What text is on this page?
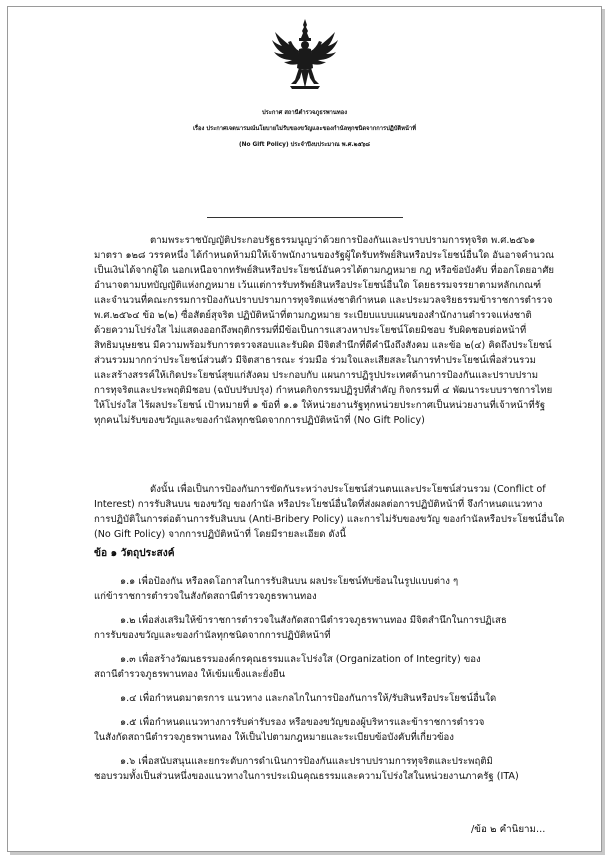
ประกาศ สถานีตำรวจภูธรพานทอง
เรื่อง ประกาศเจตนารมณ์นโยบายไม่รับของขวัญและของกำนัลทุกชนิดจากการปฏิบัติหน้าที่
(No Gift Policy) ประจำปีงบประมาณ พ.ศ.๒๕๖๘
ตามพระราชบัญญัติประกอบรัฐธรรมนูญว่าด้วยการป้องกันและปราบปรามการทุจริต พ.ศ.๒๕๖๑
มาตรา ๑๒๘ วรรคหนึ่ง ได้กำหนดห้ามมิให้เจ้าพนักงานของรัฐผู้ใดรับทรัพย์สินหรือประโยชน์อื่นใด อันอาจคำนวณ
เป็นเงินได้จากผู้ใด นอกเหนือจากทรัพย์สินหรือประโยชน์อันควรได้ตามกฎหมาย กฎ หรือข้อบังคับ ที่ออกโดยอาศัย
อำนาจตามบทบัญญัติแห่งกฎหมาย เว้นแต่การรับทรัพย์สินหรือประโยชน์อื่นใด โดยธรรมจรรยาตามหลักเกณฑ์
และจำนวนที่คณะกรรมการป้องกันปราบปรามการทุจริตแห่งชาติกำหนด และประมวลจริยธรรมข้าราชการตำรวจ
พ.ศ.๒๕๖๔ ข้อ ๒(๒) ซื่อสัตย์สุจริต ปฏิบัติหน้าที่ตามกฎหมาย ระเบียบแบบแผนของสำนักงานตำรวจแห่งชาติ
ด้วยความโปร่งใส ไม่แสดงออกถึงพฤติกรรมที่มีข้อเป็นการแสวงหาประโยชน์โดยมิชอบ รับผิดชอบต่อหน้าที่
สิทธิมนุษยชน มีความพร้อมรับการตรวจสอบและรับผิด มีจิตสำนึกที่ดีคำนึงถึงสังคม และข้อ ๒(๔) คิดถึงประโยชน์
ส่วนรวมมากกว่าประโยชน์ส่วนตัว มีจิตสาธารณะ ร่วมมือ ร่วมใจและเสียสละในการทำประโยชน์เพื่อส่วนรวม
และสร้างสรรค์ให้เกิดประโยชน์สุขแก่สังคม ประกอบกับ แผนการปฏิรูปประเทศด้านการป้องกันและปราบปราม
การทุจริตและประพฤติมิชอบ (ฉบับปรับปรุง) กำหนดกิจกรรมปฏิรูปที่สำคัญ กิจกรรมที่ ๔ พัฒนาระบบราชการไทย
ให้โปร่งใส ไร้ผลประโยชน์ เป้าหมายที่ ๑ ข้อที่ ๑.๑ ให้หน่วยงานรัฐทุกหน่วยประกาศเป็นหน่วยงานที่เจ้าหน้าที่รัฐ
ทุกคนไม่รับของขวัญและของกำนัลทุกชนิดจากการปฏิบัติหน้าที่ (No Gift Policy)
ดังนั้น เพื่อเป็นการป้องกันการขัดกันระหว่างประโยชน์ส่วนตนและประโยชน์ส่วนรวม (Conflict of
Interest) การรับสินบน ของขวัญ ของกำนัล หรือประโยชน์อื่นใดที่ส่งผลต่อการปฏิบัติหน้าที่ จึงกำหนดแนวทาง
การปฏิบัติในการต่อต้านการรับสินบน (Anti-Bribery Policy) และการไม่รับของขวัญ ของกำนัลหรือประโยชน์อื่นใด
(No Gift Policy) จากการปฏิบัติหน้าที่ โดยมีรายละเอียด ดังนี้
ข้อ ๑ วัตถุประสงค์
๑.๑ เพื่อป้องกัน หรือลดโอกาสในการรับสินบน ผลประโยชน์ทับซ้อนในรูปแบบต่าง ๆ
แก่ข้าราชการตำรวจในสังกัดสถานีตำรวจภูธรพานทอง
๑.๒ เพื่อส่งเสริมให้ข้าราชการตำรวจในสังกัดสถานีตำรวจภูธรพานทอง มีจิตสำนึกในการปฏิเสธ
การรับของขวัญและของกำนัลทุกชนิดจากการปฏิบัติหน้าที่
๑.๓ เพื่อสร้างวัฒนธรรมองค์กรคุณธรรมและโปร่งใส (Organization of Integrity) ของ
สถานีตำรวจภูธรพานทอง ให้เข้มแข็งและยั่งยืน
๑.๔ เพื่อกำหนดมาตรการ แนวทาง และกลไกในการป้องกันการให้/รับสินหรือประโยชน์อื่นใด
๑.๕ เพื่อกำหนดแนวทางการรับค่ารับรอง หรือของขวัญของผู้บริหารและข้าราชการตำรวจ
ในสังกัดสถานีตำรวจภูธรพานทอง ให้เป็นไปตามกฎหมายและระเบียบข้อบังคับที่เกี่ยวข้อง
๑.๖ เพื่อสนับสนุนและยกระดับการดำเนินการป้องกันและปราบปรามการทุจริตและประพฤติมิ
ชอบรวมทั้งเป็นส่วนหนึ่งของแนวทางในการประเมินคุณธรรมและความโปร่งใสในหน่วยงานภาครัฐ (ITA)
/ข้อ ๒ คำนิยาม...
